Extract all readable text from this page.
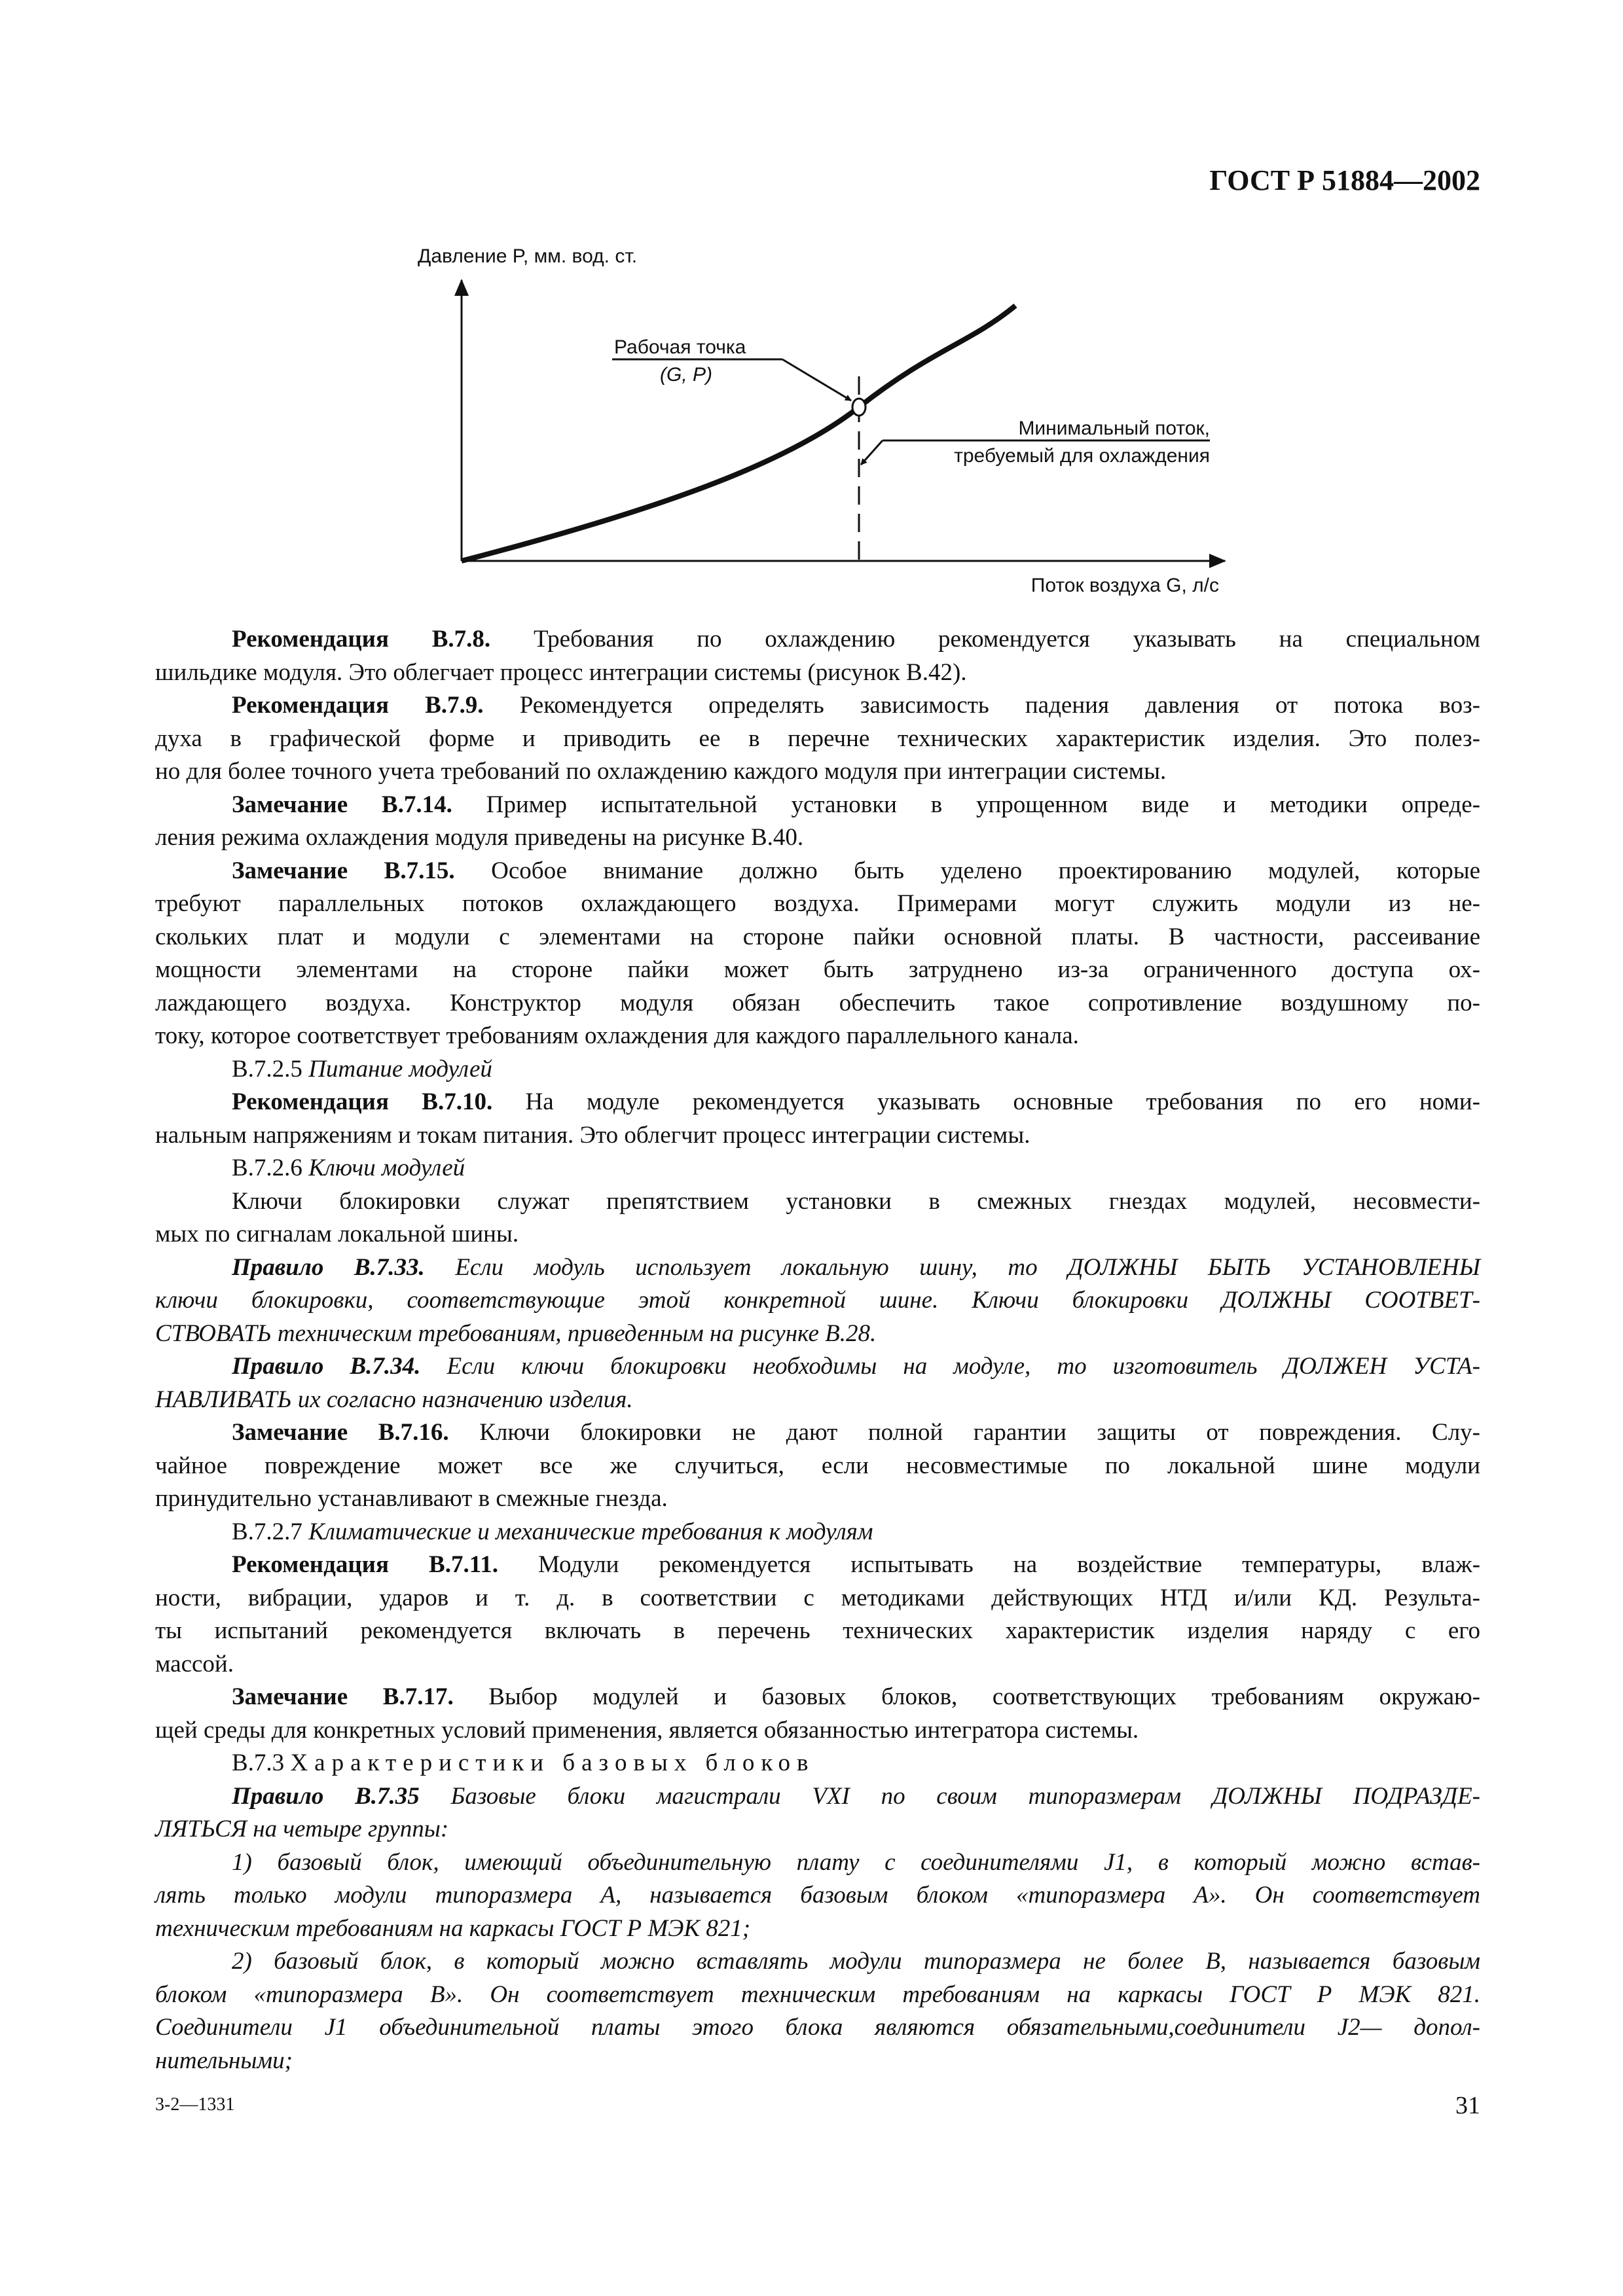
ГОСТ Р 51884—2002
Давление P, мм. вод. ст.
Рабочая точка
(G, P)
Минимальный поток,
требуемый для охлаждения
Поток воздуха G, л/с
Рекомендация В.7.8. Требования по охлаждению рекомендуется указывать на специальном
шильдике модуля. Это облегчает процесс интеграции системы (рисунок В.42).
Рекомендация В.7.9. Рекомендуется определять зависимость падения давления от потока воз-
духа в графической форме и приводить ее в перечне технических характеристик изделия. Это полез-
но для более точного учета требований по охлаждению каждого модуля при интеграции системы.
Замечание В.7.14. Пример испытательной установки в упрощенном виде и методики опреде-
ления режима охлаждения модуля приведены на рисунке В.40.
Замечание В.7.15. Особое внимание должно быть уделено проектированию модулей, которые
требуют параллельных потоков охлаждающего воздуха. Примерами могут служить модули из не-
скольких плат и модули с элементами на стороне пайки основной платы. В частности, рассеивание
мощности элементами на стороне пайки может быть затруднено из-за ограниченного доступа ох-
лаждающего воздуха. Конструктор модуля обязан обеспечить такое сопротивление воздушному по-
току, которое соответствует требованиям охлаждения для каждого параллельного канала.
В.7.2.5 Питание модулей
Рекомендация В.7.10. На модуле рекомендуется указывать основные требования по его номи-
нальным напряжениям и токам питания. Это облегчит процесс интеграции системы.
В.7.2.6 Ключи модулей
Ключи блокировки служат препятствием установки в смежных гнездах модулей, несовмести-
мых по сигналам локальной шины.
Правило В.7.33. Если модуль использует локальную шину, то ДОЛЖНЫ БЫТЬ УСТАНОВЛЕНЫ
ключи блокировки, соответствующие этой конкретной шине. Ключи блокировки ДОЛЖНЫ СООТВЕТ-
СТВОВАТЬ техническим требованиям, приведенным на рисунке В.28.
Правило В.7.34. Если ключи блокировки необходимы на модуле, то изготовитель ДОЛЖЕН УСТА-
НАВЛИВАТЬ их согласно назначению изделия.
Замечание В.7.16. Ключи блокировки не дают полной гарантии защиты от повреждения. Слу-
чайное повреждение может все же случиться, если несовместимые по локальной шине модули
принудительно устанавливают в смежные гнезда.
В.7.2.7 Климатические и механические требования к модулям
Рекомендация В.7.11. Модули рекомендуется испытывать на воздействие температуры, влаж-
ности, вибрации, ударов и т. д. в соответствии с методиками действующих НТД и/или КД. Результа-
ты испытаний рекомендуется включать в перечень технических характеристик изделия наряду с его
массой.
Замечание В.7.17. Выбор модулей и базовых блоков, соответствующих требованиям окружаю-
щей среды для конкретных условий применения, является обязанностью интегратора системы.
В.7.3 Характеристики базовых блоков
Правило В.7.35 Базовые блоки магистрали VXI по своим типоразмерам ДОЛЖНЫ ПОДРАЗДЕ-
ЛЯТЬСЯ на четыре группы:
1) базовый блок, имеющий объединительную плату с соединителями J1, в который можно встав-
лять только модули типоразмера А, называется базовым блоком «типоразмера А». Он соответствует
техническим требованиям на каркасы ГОСТ Р МЭК 821;
2) базовый блок, в который можно вставлять модули типоразмера не более В, называется базовым
блоком «типоразмера В». Он соответствует техническим требованиям на каркасы ГОСТ Р МЭК 821.
Соединители J1 объединительной платы этого блока являются обязательными,соединители J2— допол-
нительными;
3-2—1331	31
